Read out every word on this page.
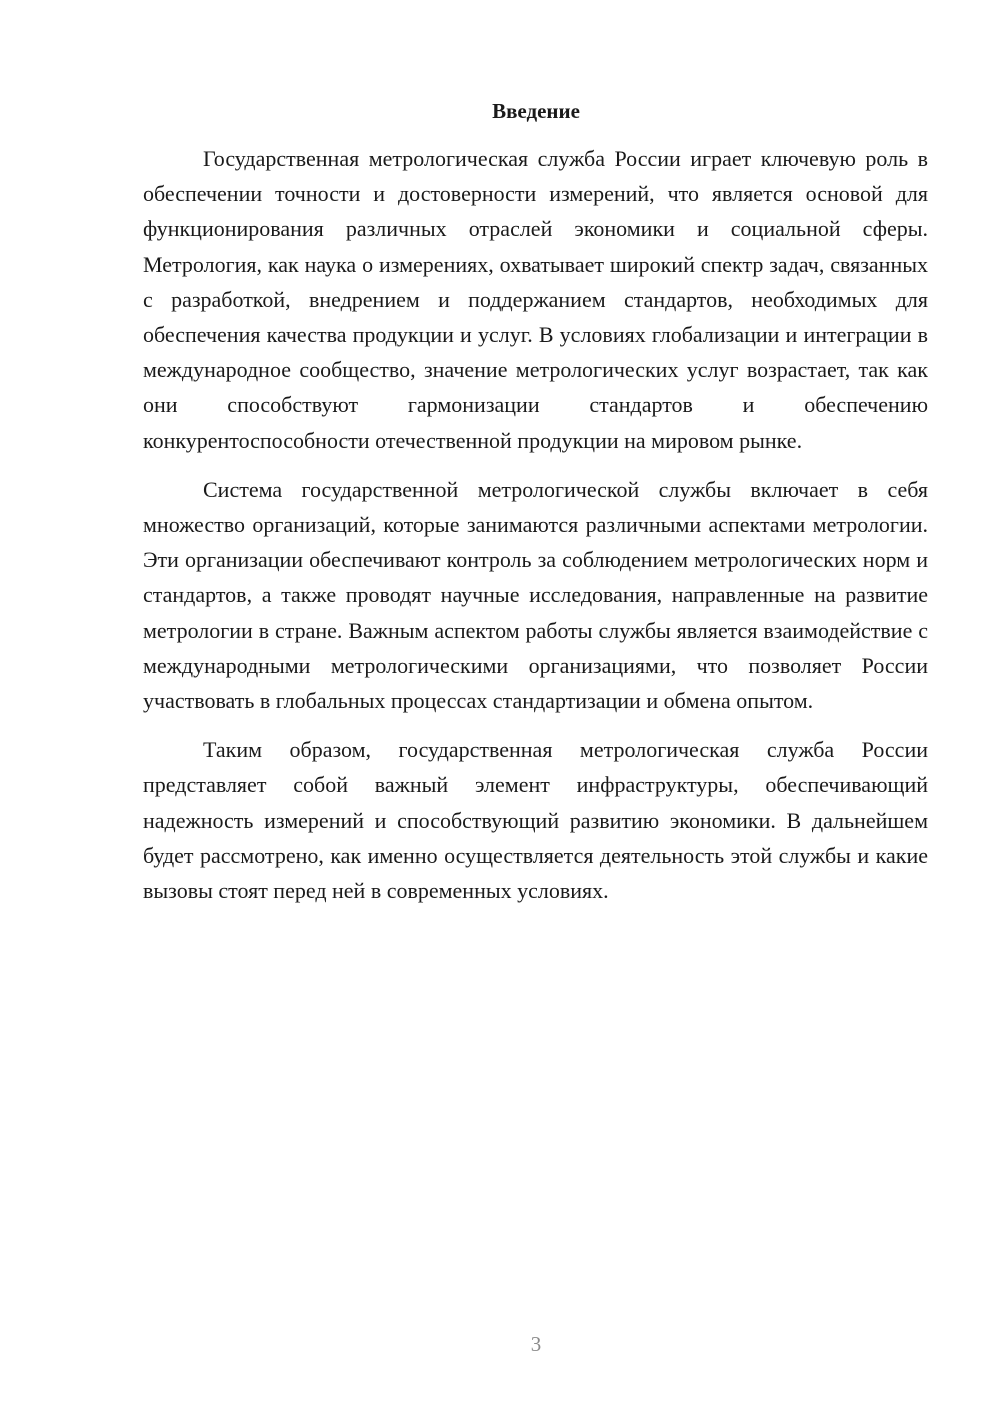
Введение

Государственная метрологическая служба России играет ключевую роль в обеспечении точности и достоверности измерений, что является основой для функционирования различных отраслей экономики и социальной сферы. Метрология, как наука о измерениях, охватывает широкий спектр задач, связанных с разработкой, внедрением и поддержанием стандартов, необходимых для обеспечения качества продукции и услуг. В условиях глобализации и интеграции в международное сообщество, значение метрологических услуг возрастает, так как они способствуют гармонизации стандартов и обеспечению конкурентоспособности отечественной продукции на мировом рынке.

Система государственной метрологической службы включает в себя множество организаций, которые занимаются различными аспектами метрологии. Эти организации обеспечивают контроль за соблюдением метрологических норм и стандартов, а также проводят научные исследования, направленные на развитие метрологии в стране. Важным аспектом работы службы является взаимодействие с международными метрологическими организациями, что позволяет России участвовать в глобальных процессах стандартизации и обмена опытом.

Таким образом, государственная метрологическая служба России представляет собой важный элемент инфраструктуры, обеспечивающий надежность измерений и способствующий развитию экономики. В дальнейшем будет рассмотрено, как именно осуществляется деятельность этой службы и какие вызовы стоят перед ней в современных условиях.

3
